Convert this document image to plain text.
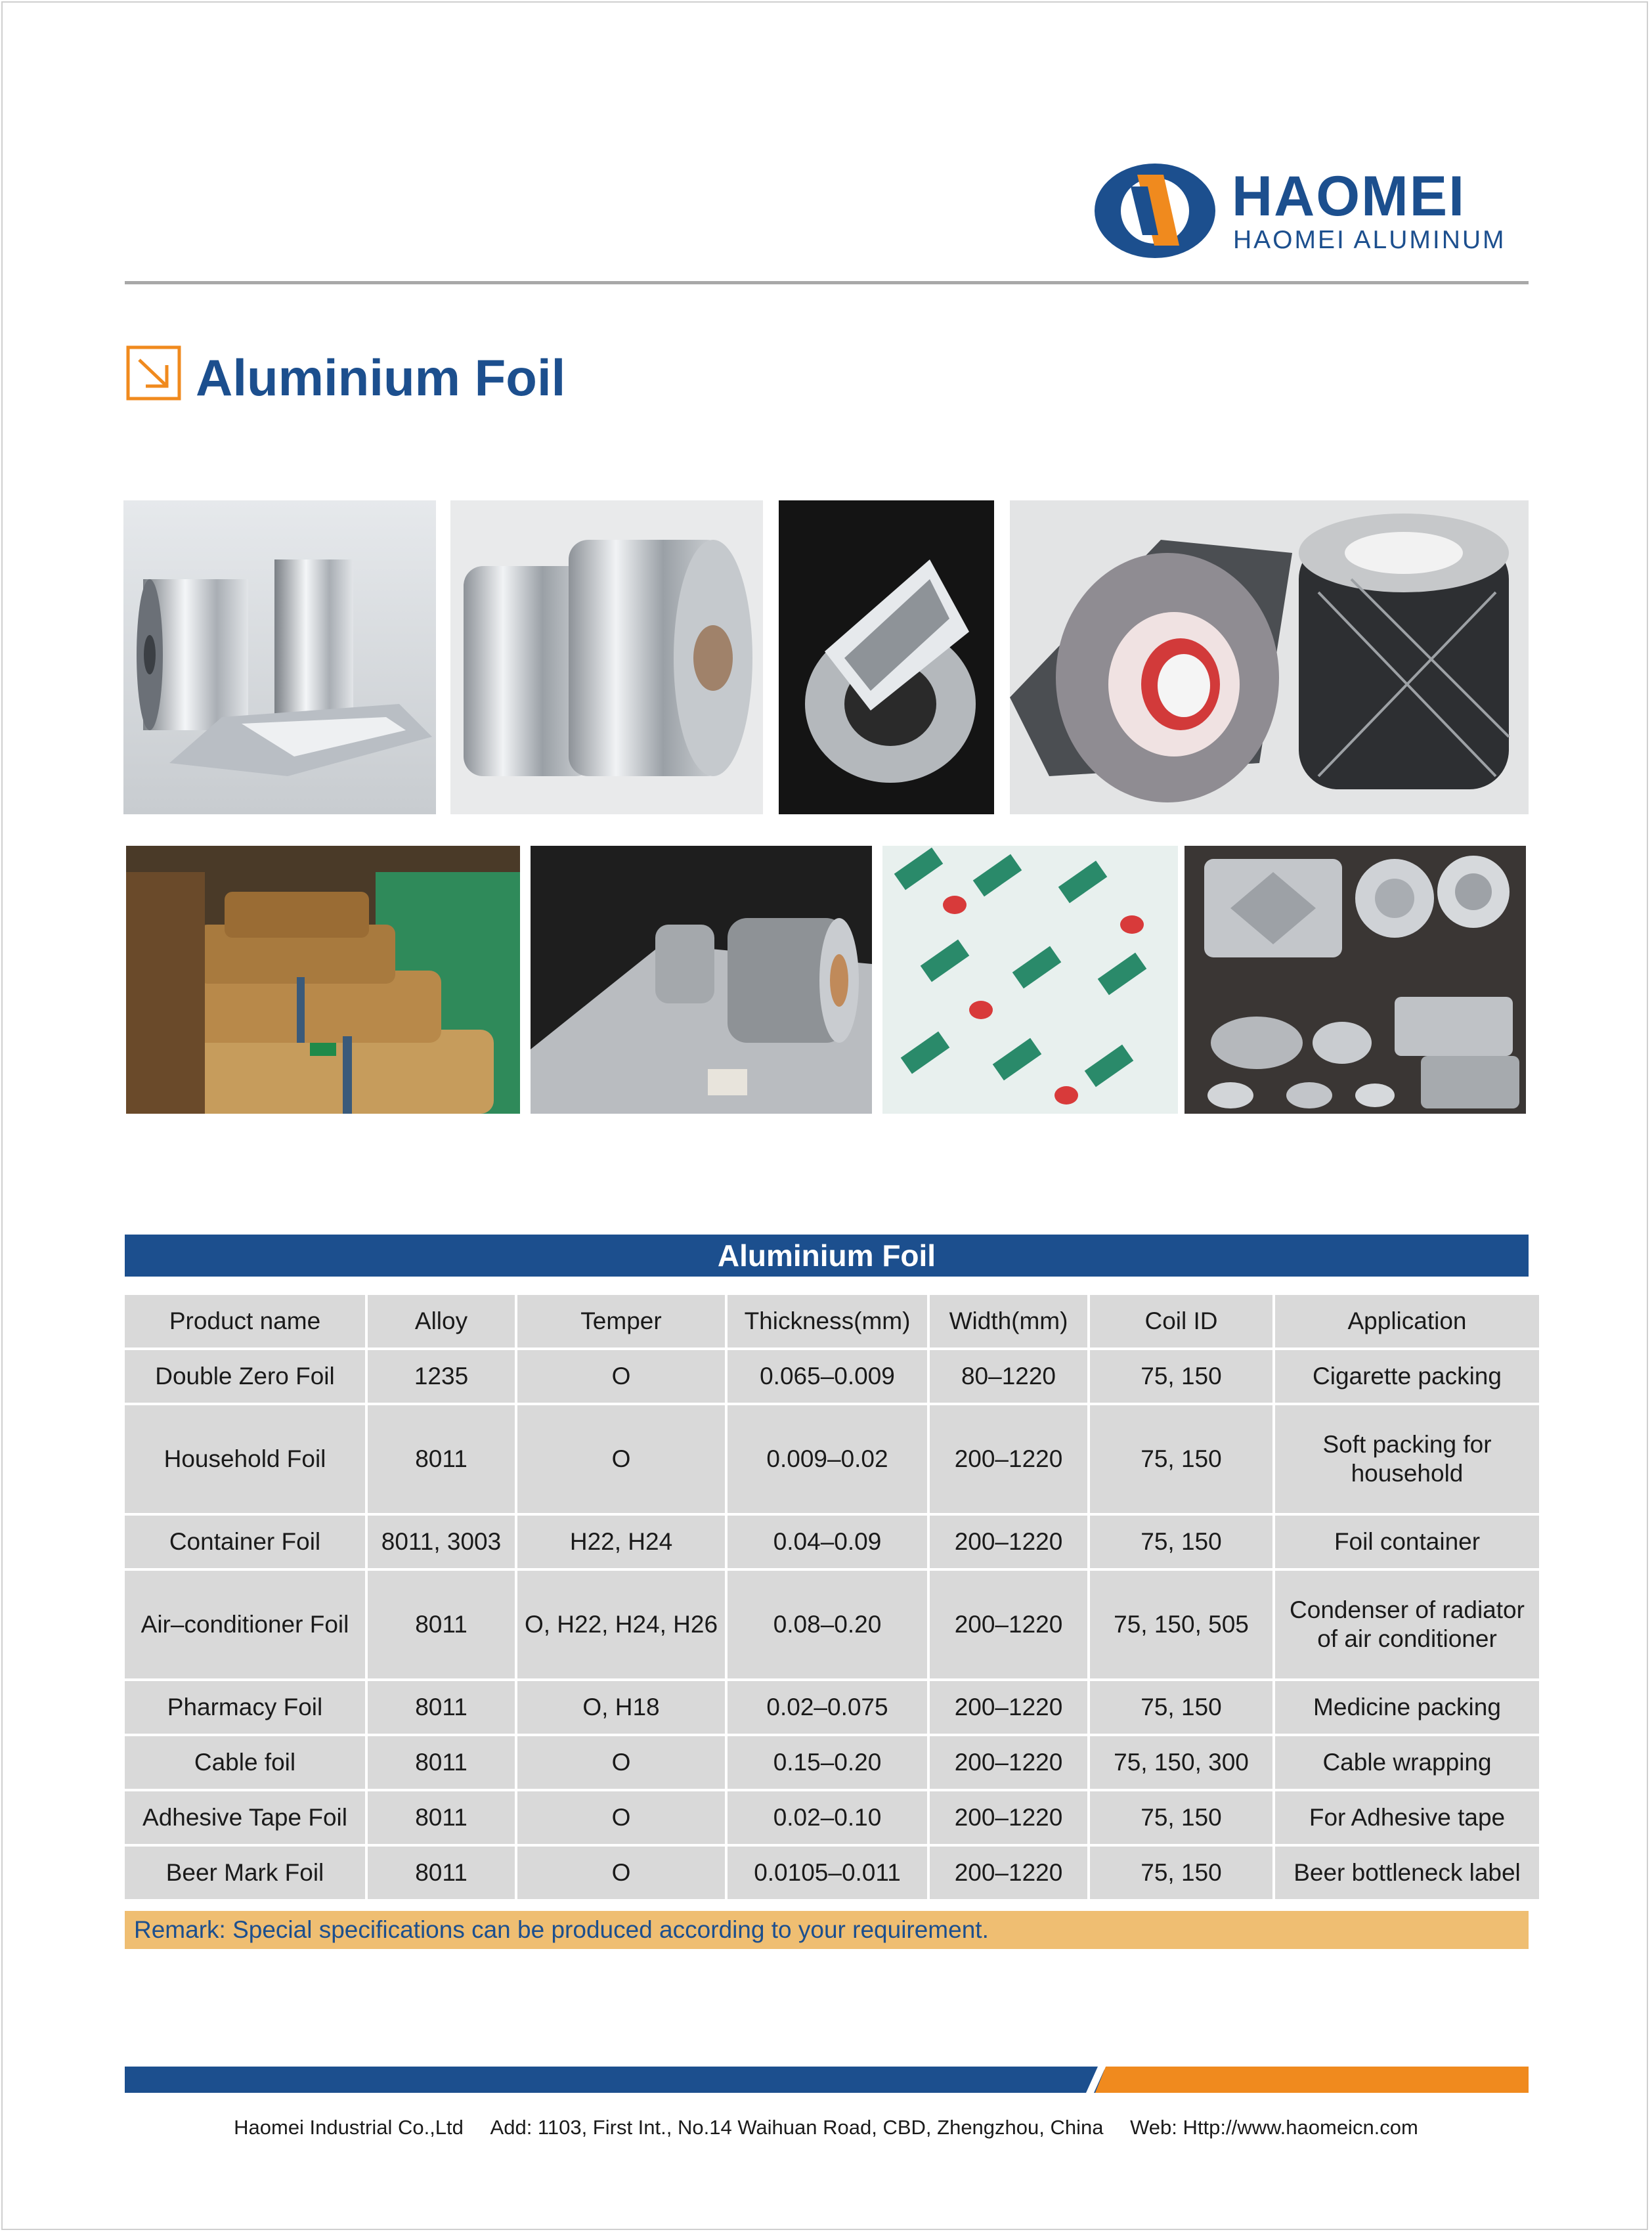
HAOMEI
HAOMEI ALUMINUM
Aluminium Foil
Aluminium Foil
Product name	Alloy	Temper	Thickness(mm)	Width(mm)	Coil ID	Application
Double Zero Foil	1235	O	0.065–0.009	80–1220	75, 150	Cigarette packing
Household Foil	8011	O	0.009–0.02	200–1220	75, 150	Soft packing for household
Container Foil	8011, 3003	H22, H24	0.04–0.09	200–1220	75, 150	Foil container
Air–conditioner Foil	8011	O, H22, H24, H26	0.08–0.20	200–1220	75, 150, 505	Condenser of radiator of air conditioner
Pharmacy Foil	8011	O, H18	0.02–0.075	200–1220	75, 150	Medicine packing
Cable foil	8011	O	0.15–0.20	200–1220	75, 150, 300	Cable wrapping
Adhesive Tape Foil	8011	O	0.02–0.10	200–1220	75, 150	For Adhesive tape
Beer Mark Foil	8011	O	0.0105–0.011	200–1220	75, 150	Beer bottleneck label
Remark: Special specifications can be produced according to your requirement.
Haomei Industrial Co.,Ltd Add: 1103, First Int., No.14 Waihuan Road, CBD, Zhengzhou, China Web: Http://www.haomeicn.com
